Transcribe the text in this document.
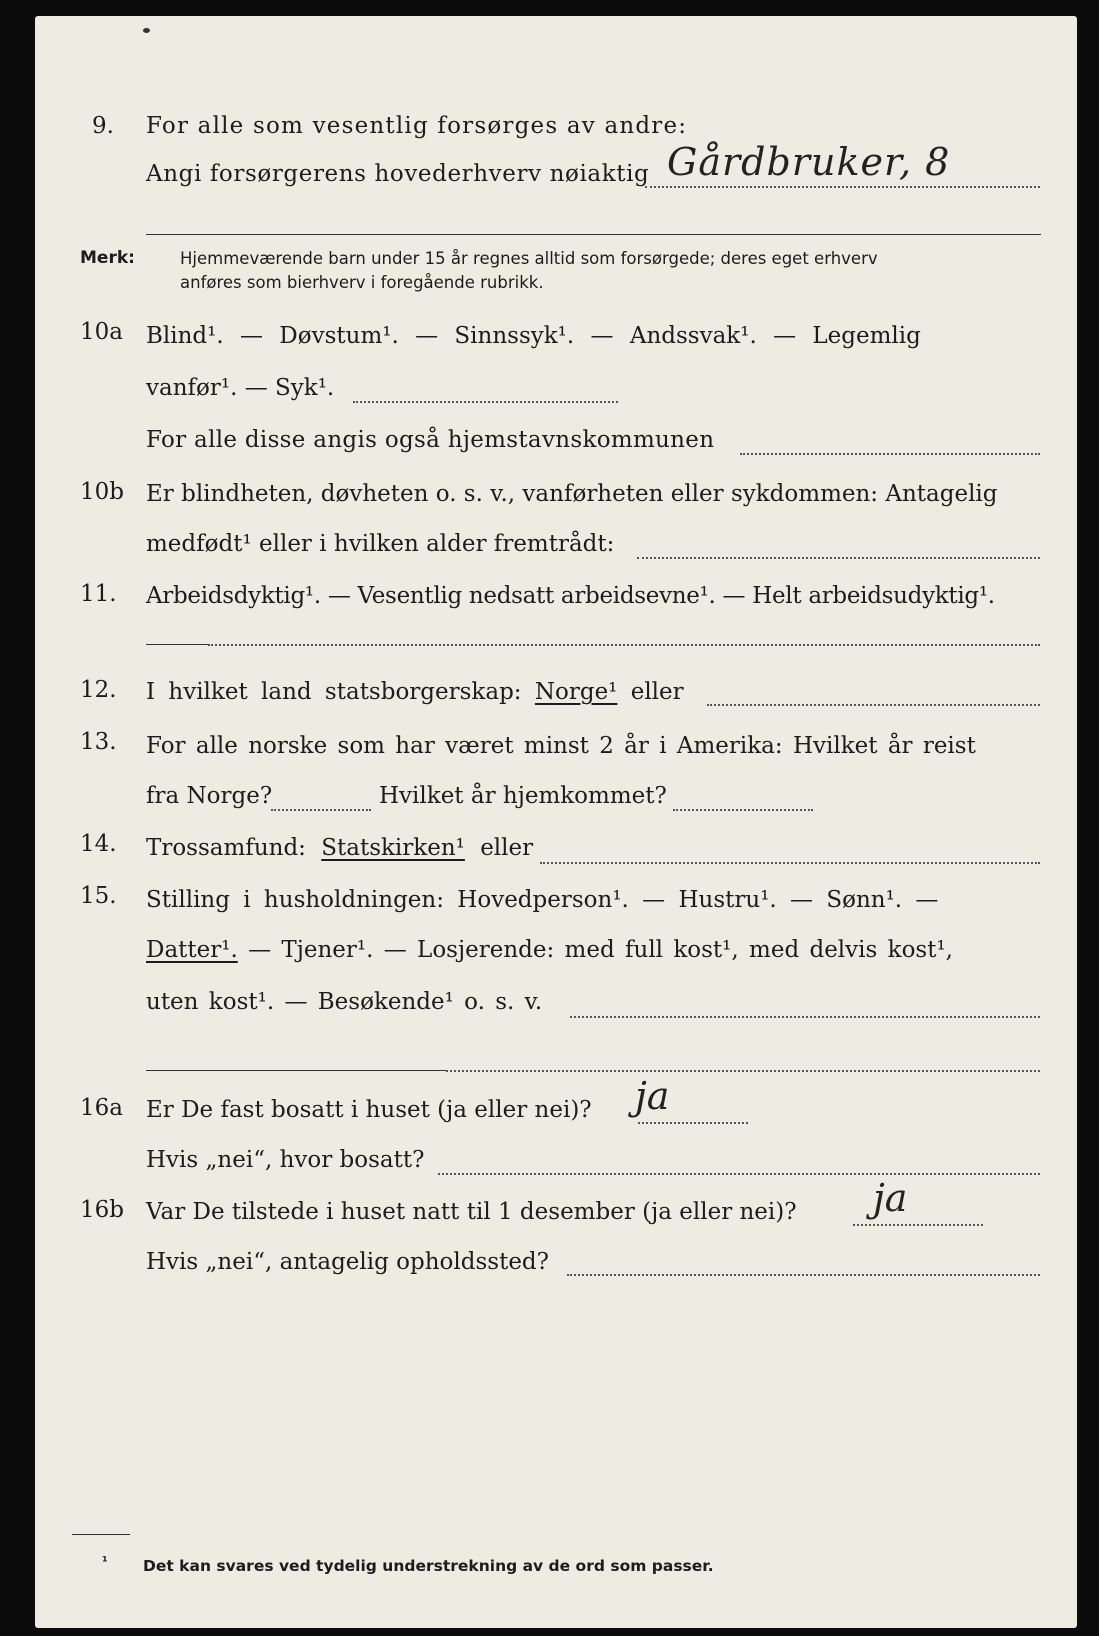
9. For alle som vesentlig forsørges av andre:
Angi forsørgerens hovederhverv nøiaktig Gårdbruker, 8
Merk:	Hjemmeværende barn under 15 år regnes alltid som forsørgede; deres eget erhverv
anføres som bierhverv i foregående rubrikk.
10a Blind¹. — Døvstum¹. — Sinnssyk¹. — Andssvak¹. — Legemlig
vanfør¹. — Syk¹.
For alle disse angis også hjemstavnskommunen
10b Er blindheten, døvheten o. s. v., vanførheten eller sykdommen: Antagelig
medfødt¹ eller i hvilken alder fremtrådt:
11. Arbeidsdyktig¹. — Vesentlig nedsatt arbeidsevne¹. — Helt arbeidsudyktig¹.
12. I hvilket land statsborgerskap: Norge¹ eller
13. For alle norske som har været minst 2 år i Amerika: Hvilket år reist
fra Norge?	Hvilket år hjemkommet?
14. Trossamfund: Statskirken¹ eller
15. Stilling i husholdningen: Hovedperson¹. — Hustru¹. — Sønn¹. —
Datter¹. — Tjener¹. — Losjerende: med full kost¹, med delvis kost¹,
uten kost¹. — Besøkende¹ o. s. v.
16a Er De fast bosatt i huset (ja eller nei)? ja
Hvis „nei“, hvor bosatt?
16b Var De tilstede i huset natt til 1 desember (ja eller nei)? ja
Hvis „nei“, antagelig opholdssted?
¹ Det kan svares ved tydelig understrekning av de ord som passer.
